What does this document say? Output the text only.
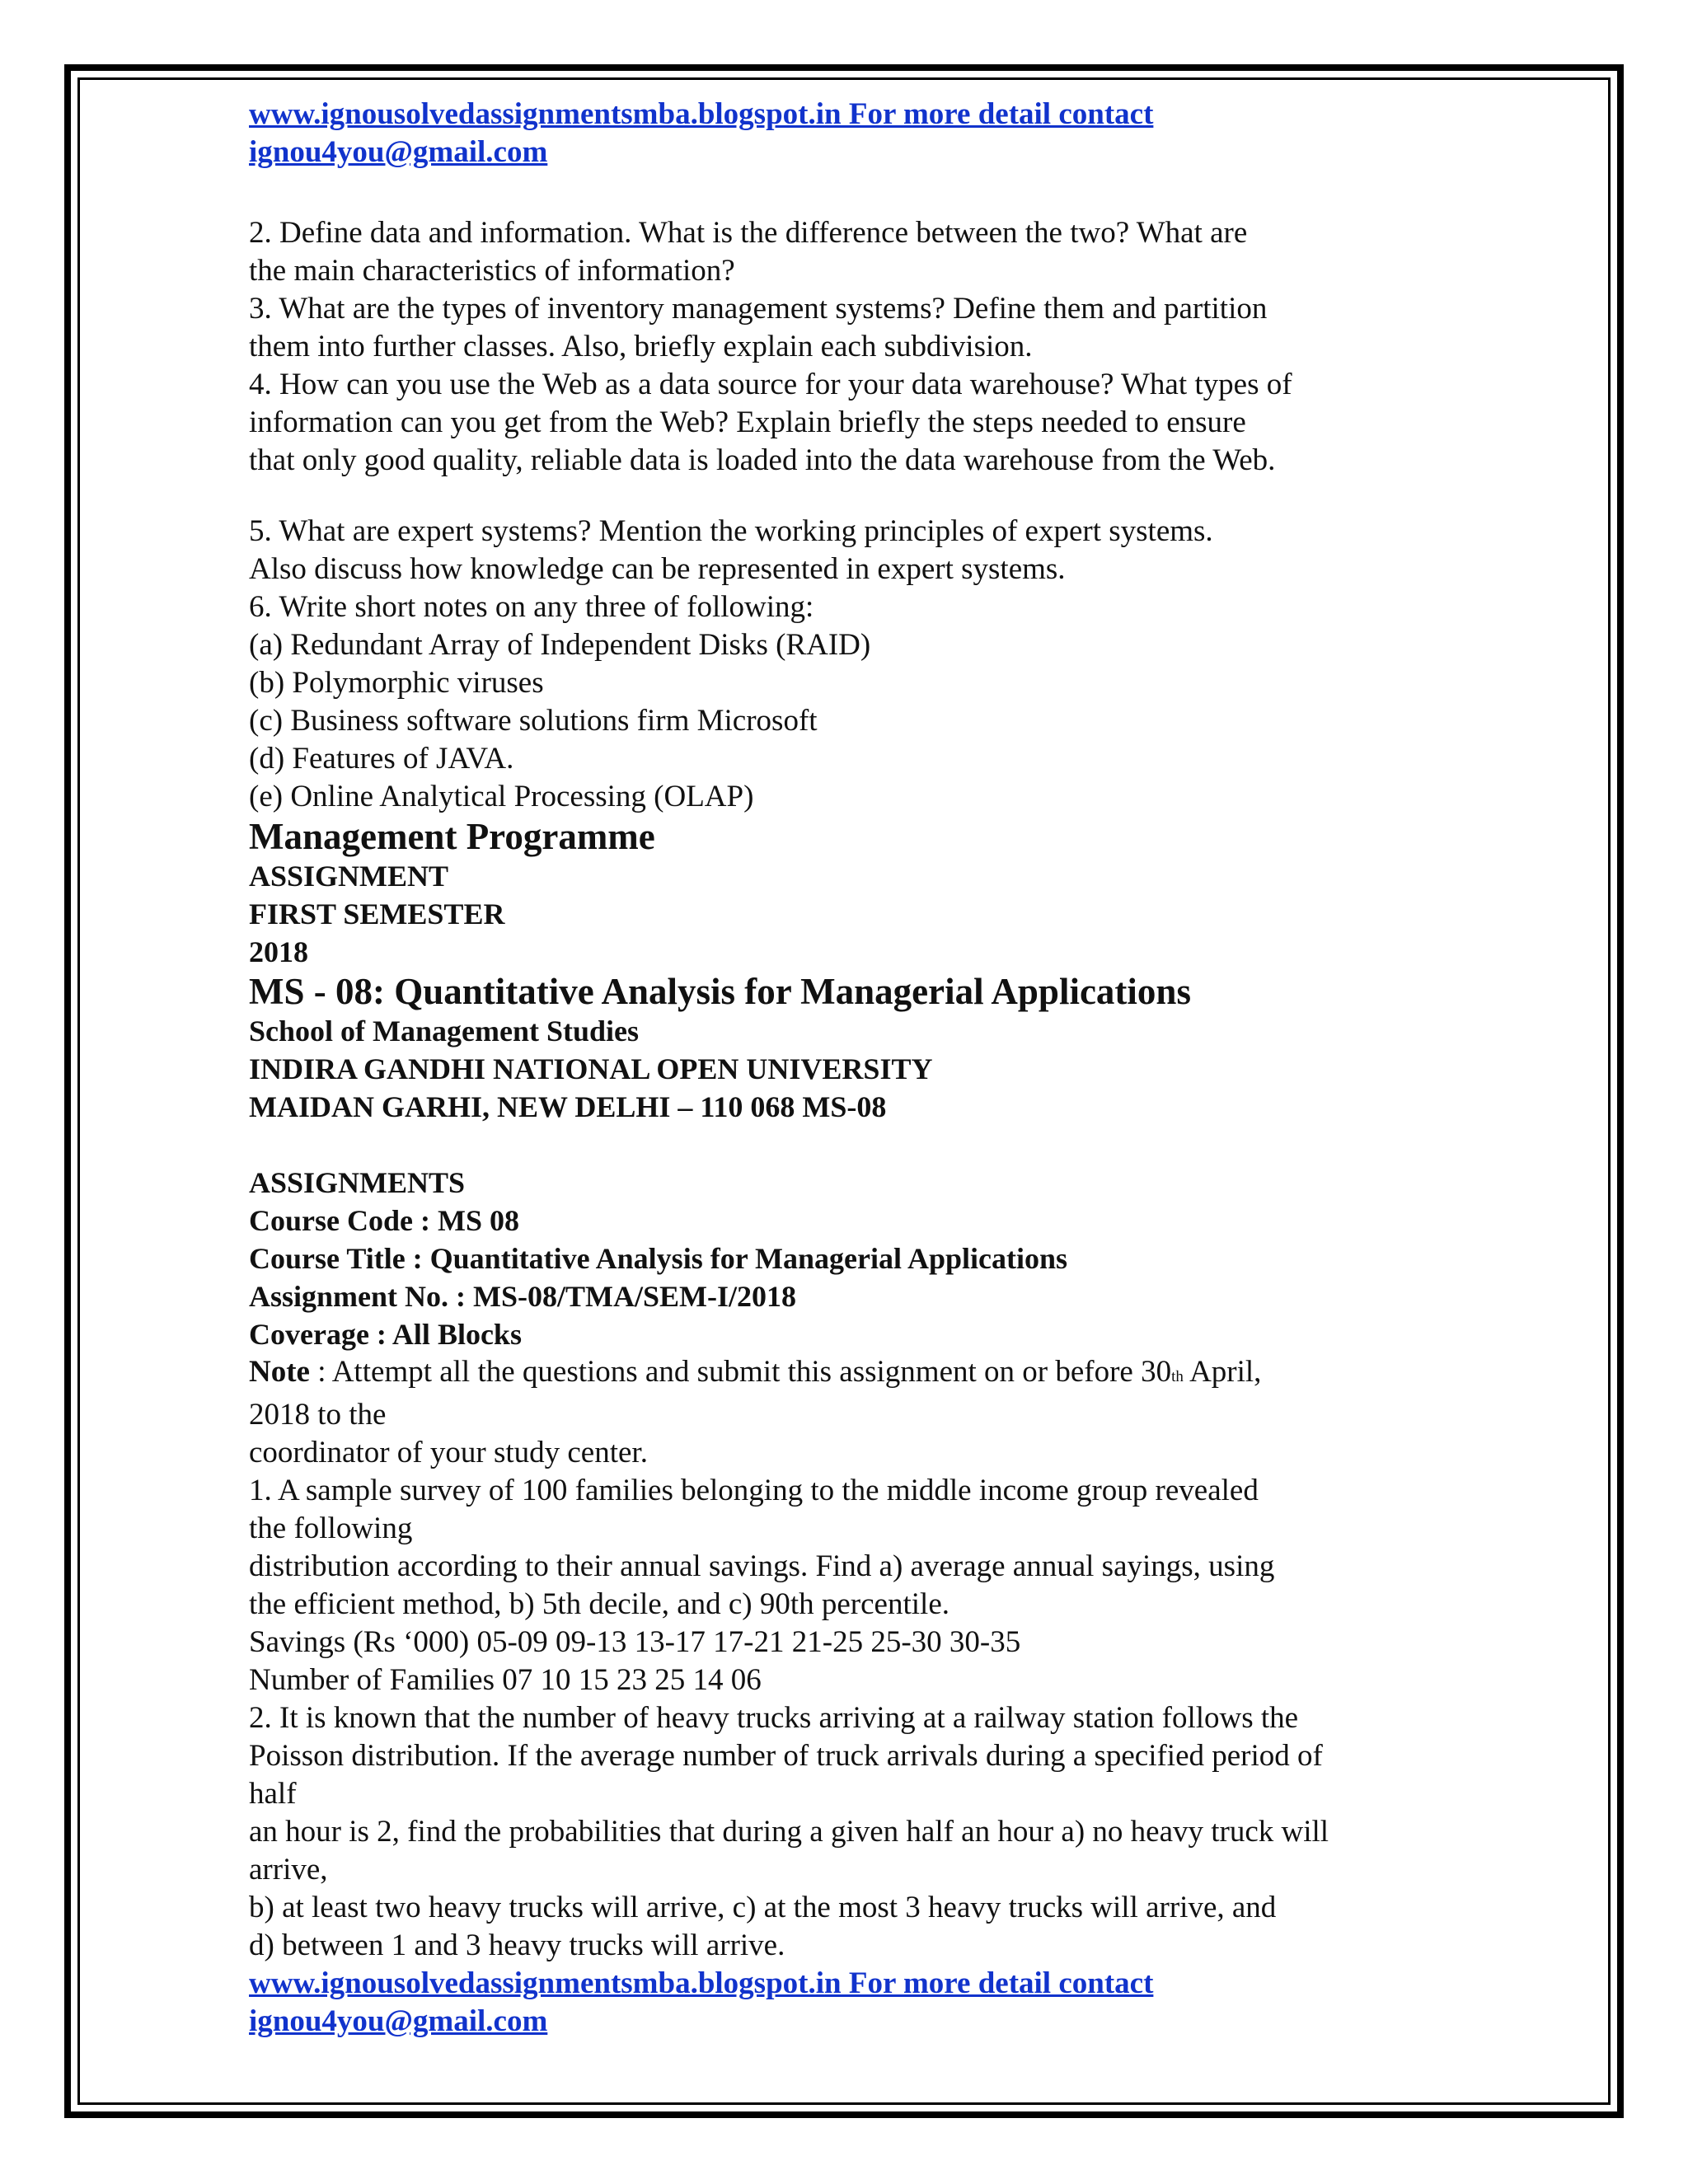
www.ignousolvedassignmentsmba.blogspot.in For more detail contact
ignou4you@gmail.com
2. Define data and information. What is the difference between the two? What are
the main characteristics of information?
3. What are the types of inventory management systems? Define them and partition
them into further classes. Also, briefly explain each subdivision.
4. How can you use the Web as a data source for your data warehouse? What types of
information can you get from the Web? Explain briefly the steps needed to ensure
that only good quality, reliable data is loaded into the data warehouse from the Web.
5. What are expert systems? Mention the working principles of expert systems.
Also discuss how knowledge can be represented in expert systems.
6. Write short notes on any three of following:
(a) Redundant Array of Independent Disks (RAID)
(b) Polymorphic viruses
(c) Business software solutions firm Microsoft
(d) Features of JAVA.
(e) Online Analytical Processing (OLAP)
Management Programme
ASSIGNMENT
FIRST SEMESTER
2018
MS - 08: Quantitative Analysis for Managerial Applications
School of Management Studies
INDIRA GANDHI NATIONAL OPEN UNIVERSITY
MAIDAN GARHI, NEW DELHI – 110 068 MS-08
ASSIGNMENTS
Course Code : MS 08
Course Title : Quantitative Analysis for Managerial Applications
Assignment No. : MS-08/TMA/SEM-I/2018
Coverage : All Blocks
Note : Attempt all the questions and submit this assignment on or before 30th April,
2018 to the
coordinator of your study center.
1. A sample survey of 100 families belonging to the middle income group revealed
the following
distribution according to their annual savings. Find a) average annual sayings, using
the efficient method, b) 5th decile, and c) 90th percentile.
Savings (Rs ‘000) 05-09 09-13 13-17 17-21 21-25 25-30 30-35
Number of Families 07 10 15 23 25 14 06
2. It is known that the number of heavy trucks arriving at a railway station follows the
Poisson distribution. If the average number of truck arrivals during a specified period of
half
an hour is 2, find the probabilities that during a given half an hour a) no heavy truck will
arrive,
b) at least two heavy trucks will arrive, c) at the most 3 heavy trucks will arrive, and
d) between 1 and 3 heavy trucks will arrive.
www.ignousolvedassignmentsmba.blogspot.in For more detail contact
ignou4you@gmail.com
